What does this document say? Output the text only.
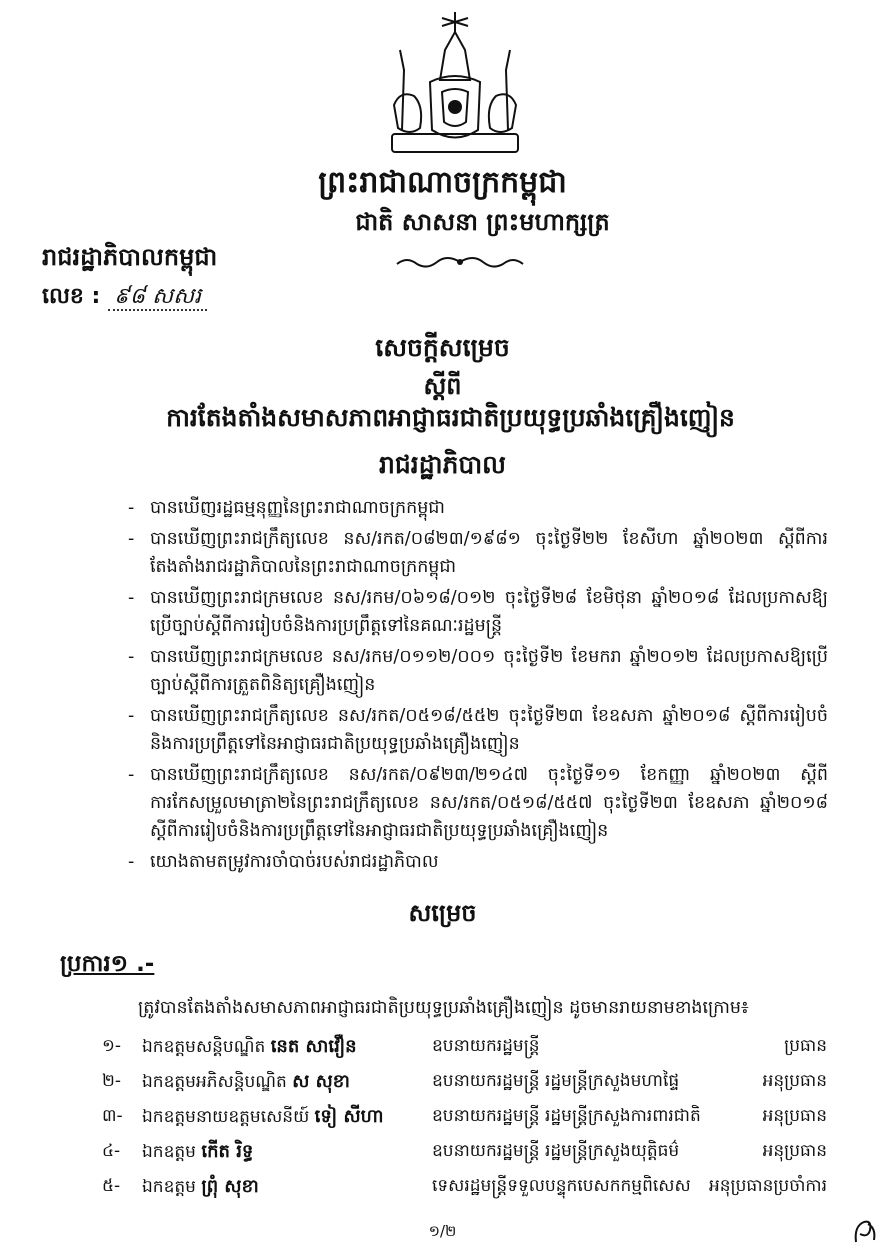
ព្រះរាជាណាចក្រកម្ពុជា
ជាតិ សាសនា ព្រះមហាក្សត្រ
រាជរដ្ឋាភិបាលកម្ពុជា
លេខ : ៩៨ សសរ
សេចក្តីសម្រេច
ស្តីពី
ការតែងតាំងសមាសភាពអាជ្ញាធរជាតិប្រយុទ្ធប្រឆាំងគ្រឿងញៀន
រាជរដ្ឋាភិបាល
- បានឃើញរដ្ឋធម្មនុញ្ញនៃព្រះរាជាណាចក្រកម្ពុជា
- បានឃើញព្រះរាជក្រឹត្យលេខ នស/រកត/០៨២៣/១៩៨១ ចុះថ្ងៃទី២២ ខែសីហា ឆ្នាំ២០២៣ ស្តីពីការតែងតាំងរាជរដ្ឋាភិបាលនៃព្រះរាជាណាចក្រកម្ពុជា
- បានឃើញព្រះរាជក្រមលេខ នស/រកម/០៦១៨/០១២ ចុះថ្ងៃទី២៨ ខែមិថុនា ឆ្នាំ២០១៨ ដែលប្រកាសឱ្យប្រើច្បាប់ស្តីពីការរៀបចំនិងការប្រព្រឹត្តទៅនៃគណៈរដ្ឋមន្ត្រី
- បានឃើញព្រះរាជក្រមលេខ នស/រកម/០១១២/០០១ ចុះថ្ងៃទី២ ខែមករា ឆ្នាំ២០១២ ដែលប្រកាសឱ្យប្រើច្បាប់ស្តីពីការត្រួតពិនិត្យគ្រឿងញៀន
- បានឃើញព្រះរាជក្រឹត្យលេខ នស/រកត/០៥១៨/៥៥២ ចុះថ្ងៃទី២៣ ខែឧសភា ឆ្នាំ២០១៨ ស្តីពីការរៀបចំនិងការប្រព្រឹត្តទៅនៃអាជ្ញាធរជាតិប្រយុទ្ធប្រឆាំងគ្រឿងញៀន
- បានឃើញព្រះរាជក្រឹត្យលេខ នស/រកត/០៩២៣/២១៤៧ ចុះថ្ងៃទី១១ ខែកញ្ញា ឆ្នាំ២០២៣ ស្តីពីការកែសម្រួលមាត្រា២នៃព្រះរាជក្រឹត្យលេខ នស/រកត/០៥១៨/៥៥៧ ចុះថ្ងៃទី២៣ ខែឧសភា ឆ្នាំ២០១៨ ស្តីពីការរៀបចំនិងការប្រព្រឹត្តទៅនៃអាជ្ញាធរជាតិប្រយុទ្ធប្រឆាំងគ្រឿងញៀន
- យោងតាមតម្រូវការចាំបាច់របស់រាជរដ្ឋាភិបាល
សម្រេច
ប្រការ១ .-
ត្រូវបានតែងតាំងសមាសភាពអាជ្ញាធរជាតិប្រយុទ្ធប្រឆាំងគ្រឿងញៀន ដូចមានរាយនាមខាងក្រោម៖
១-	ឯកឧត្តមសន្តិបណ្ឌិត នេត សាវឿន	ឧបនាយករដ្ឋមន្ត្រី	ប្រធាន
២-	ឯកឧត្តមអភិសន្តិបណ្ឌិត ស សុខា	ឧបនាយករដ្ឋមន្ត្រី រដ្ឋមន្ត្រីក្រសួងមហាផ្ទៃ	អនុប្រធាន
៣-	ឯកឧត្តមនាយឧត្តមសេនីយ៍ ទៀ សីហា	ឧបនាយករដ្ឋមន្ត្រី រដ្ឋមន្ត្រីក្រសួងការពារជាតិ	អនុប្រធាន
៤-	ឯកឧត្តម កើត រិទ្ធ	ឧបនាយករដ្ឋមន្ត្រី រដ្ឋមន្ត្រីក្រសួងយុត្តិធម៌	អនុប្រធាន
៥-	ឯកឧត្តម ព្រុំ សុខា	ទេសរដ្ឋមន្ត្រីទទួលបន្ទុកបេសកកម្មពិសេស	អនុប្រធានប្រចាំការ
១/២
